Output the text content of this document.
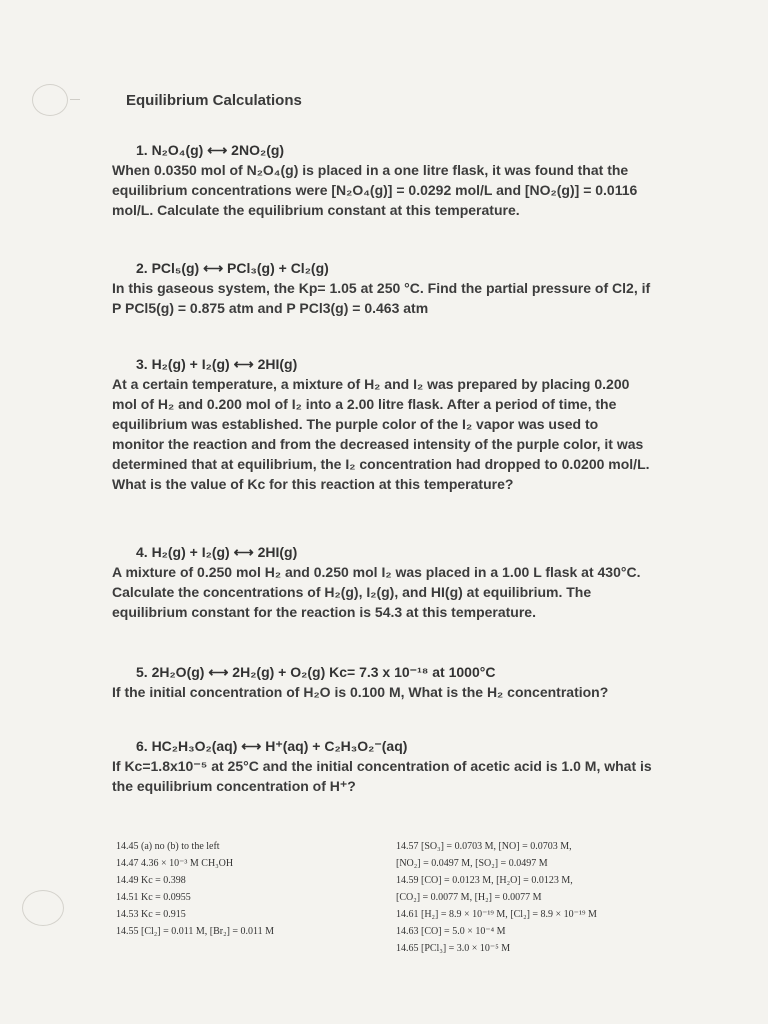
Equilibrium Calculations
1. N₂O₄(g) ⟷ 2NO₂(g)
When 0.0350 mol of N₂O₄(g) is placed in a one litre flask, it was found that the equilibrium concentrations were [N₂O₄(g)] = 0.0292 mol/L and [NO₂(g)] = 0.0116 mol/L. Calculate the equilibrium constant at this temperature.
2. PCl₅(g) ⟷ PCl₃(g) + Cl₂(g)
In this gaseous system, the Kp= 1.05 at 250 °C. Find the partial pressure of Cl2, if P PCl5(g) = 0.875 atm and P PCl3(g) = 0.463 atm
3. H₂(g) + I₂(g) ⟷ 2HI(g)
At a certain temperature, a mixture of H₂ and I₂ was prepared by placing 0.200 mol of H₂ and 0.200 mol of I₂ into a 2.00 litre flask. After a period of time, the equilibrium was established. The purple color of the I₂ vapor was used to monitor the reaction and from the decreased intensity of the purple color, it was determined that at equilibrium, the I₂ concentration had dropped to 0.0200 mol/L. What is the value of Kc for this reaction at this temperature?
4. H₂(g) + I₂(g) ⟷ 2HI(g)
A mixture of 0.250 mol H₂ and 0.250 mol I₂ was placed in a 1.00 L flask at 430°C. Calculate the concentrations of H₂(g), I₂(g), and HI(g) at equilibrium. The equilibrium constant for the reaction is 54.3 at this temperature.
5. 2H₂O(g) ⟷ 2H₂(g) + O₂(g) Kc= 7.3 x 10⁻¹⁸ at 1000°C
If the initial concentration of H₂O is 0.100 M, What is the H₂ concentration?
6. HC₂H₃O₂(aq) ⟷ H⁺(aq) + C₂H₃O₂⁻(aq)
If Kc=1.8x10⁻⁵ at 25°C and the initial concentration of acetic acid is 1.0 M, what is the equilibrium concentration of H⁺?
14.45 (a) no (b) to the left
14.47 4.36 × 10⁻³ M CH₃OH
14.49 Kc = 0.398
14.51 Kc = 0.0955
14.53 Kc = 0.915
14.55 [Cl₂] = 0.011 M, [Br₂] = 0.011 M
14.57 [SO₃] = 0.0703 M, [NO] = 0.0703 M,
[NO₂] = 0.0497 M, [SO₂] = 0.0497 M
14.59 [CO] = 0.0123 M, [H₂O] = 0.0123 M,
[CO₂] = 0.0077 M, [H₂] = 0.0077 M
14.61 [H₂] = 8.9 × 10⁻¹⁹ M, [Cl₂] = 8.9 × 10⁻¹⁹ M
14.63 [CO] = 5.0 × 10⁻⁴ M
14.65 [PCl₃] = 3.0 × 10⁻⁵ M
